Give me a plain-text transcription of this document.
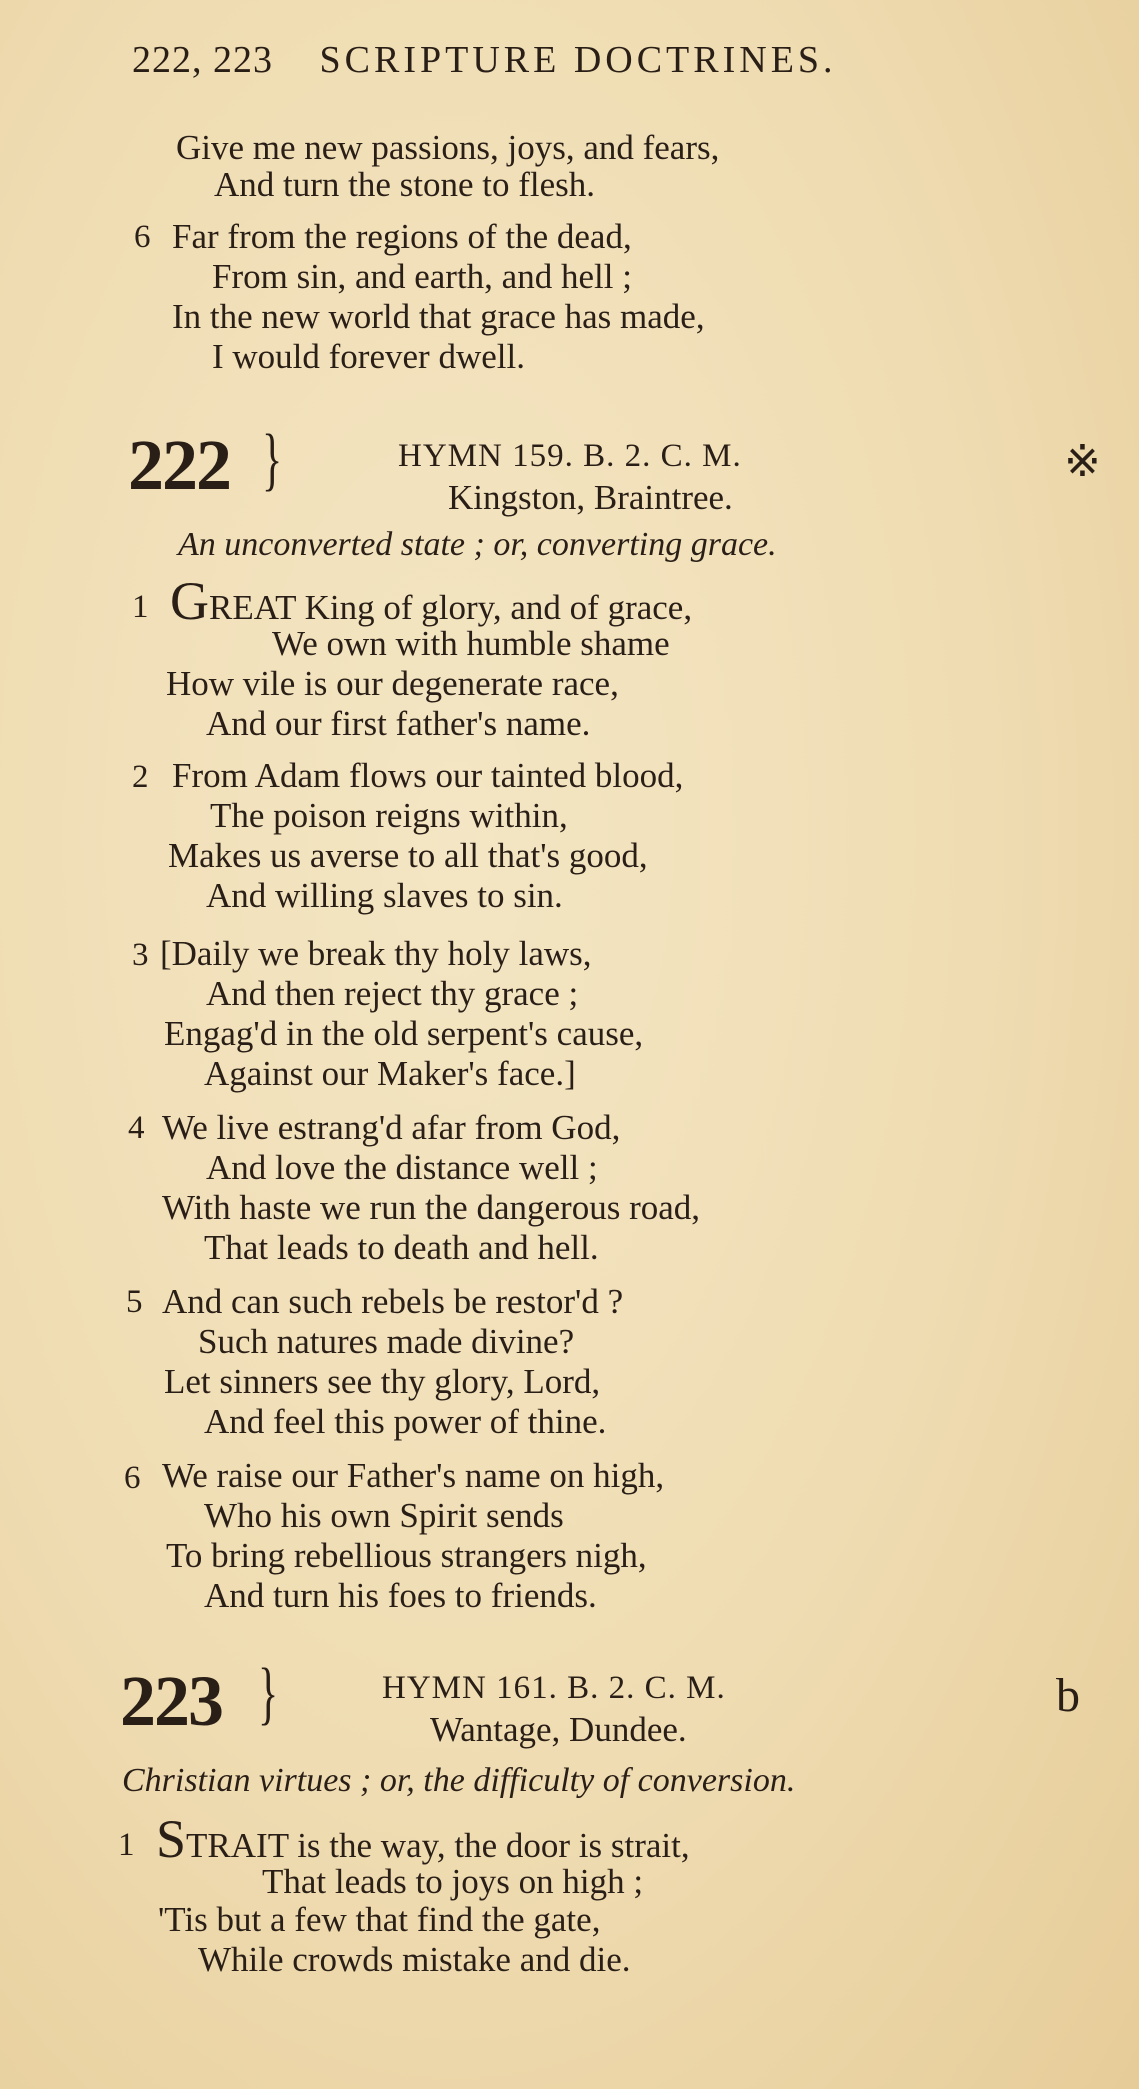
222, 223 SCRIPTURE DOCTRINES.
Give me new passions, joys, and fears,
And turn the stone to flesh.
6 Far from the regions of the dead,
From sin, and earth, and hell ;
In the new world that grace has made,
I would forever dwell.
222 }	HYMN 159. B. 2. C. M.
Kingston, Braintree.
※
An unconverted state ; or, converting grace.
1 GREAT King of glory, and of grace,
We own with humble shame
How vile is our degenerate race,
And our first father's name.
2 From Adam flows our tainted blood,
The poison reigns within,
Makes us averse to all that's good,
And willing slaves to sin.
3 [Daily we break thy holy laws,
And then reject thy grace ;
Engag'd in the old serpent's cause,
Against our Maker's face.]
4 We live estrang'd afar from God,
And love the distance well ;
With haste we run the dangerous road,
That leads to death and hell.
5 And can such rebels be restor'd ?
Such natures made divine?
Let sinners see thy glory, Lord,
And feel this power of thine.
6 We raise our Father's name on high,
Who his own Spirit sends
To bring rebellious strangers nigh,
And turn his foes to friends.
223 }	HYMN 161. B. 2. C. M.
Wantage, Dundee.
b
Christian virtues ; or, the difficulty of conversion.
1 STRAIT is the way, the door is strait,
That leads to joys on high ;
'Tis but a few that find the gate,
While crowds mistake and die.
